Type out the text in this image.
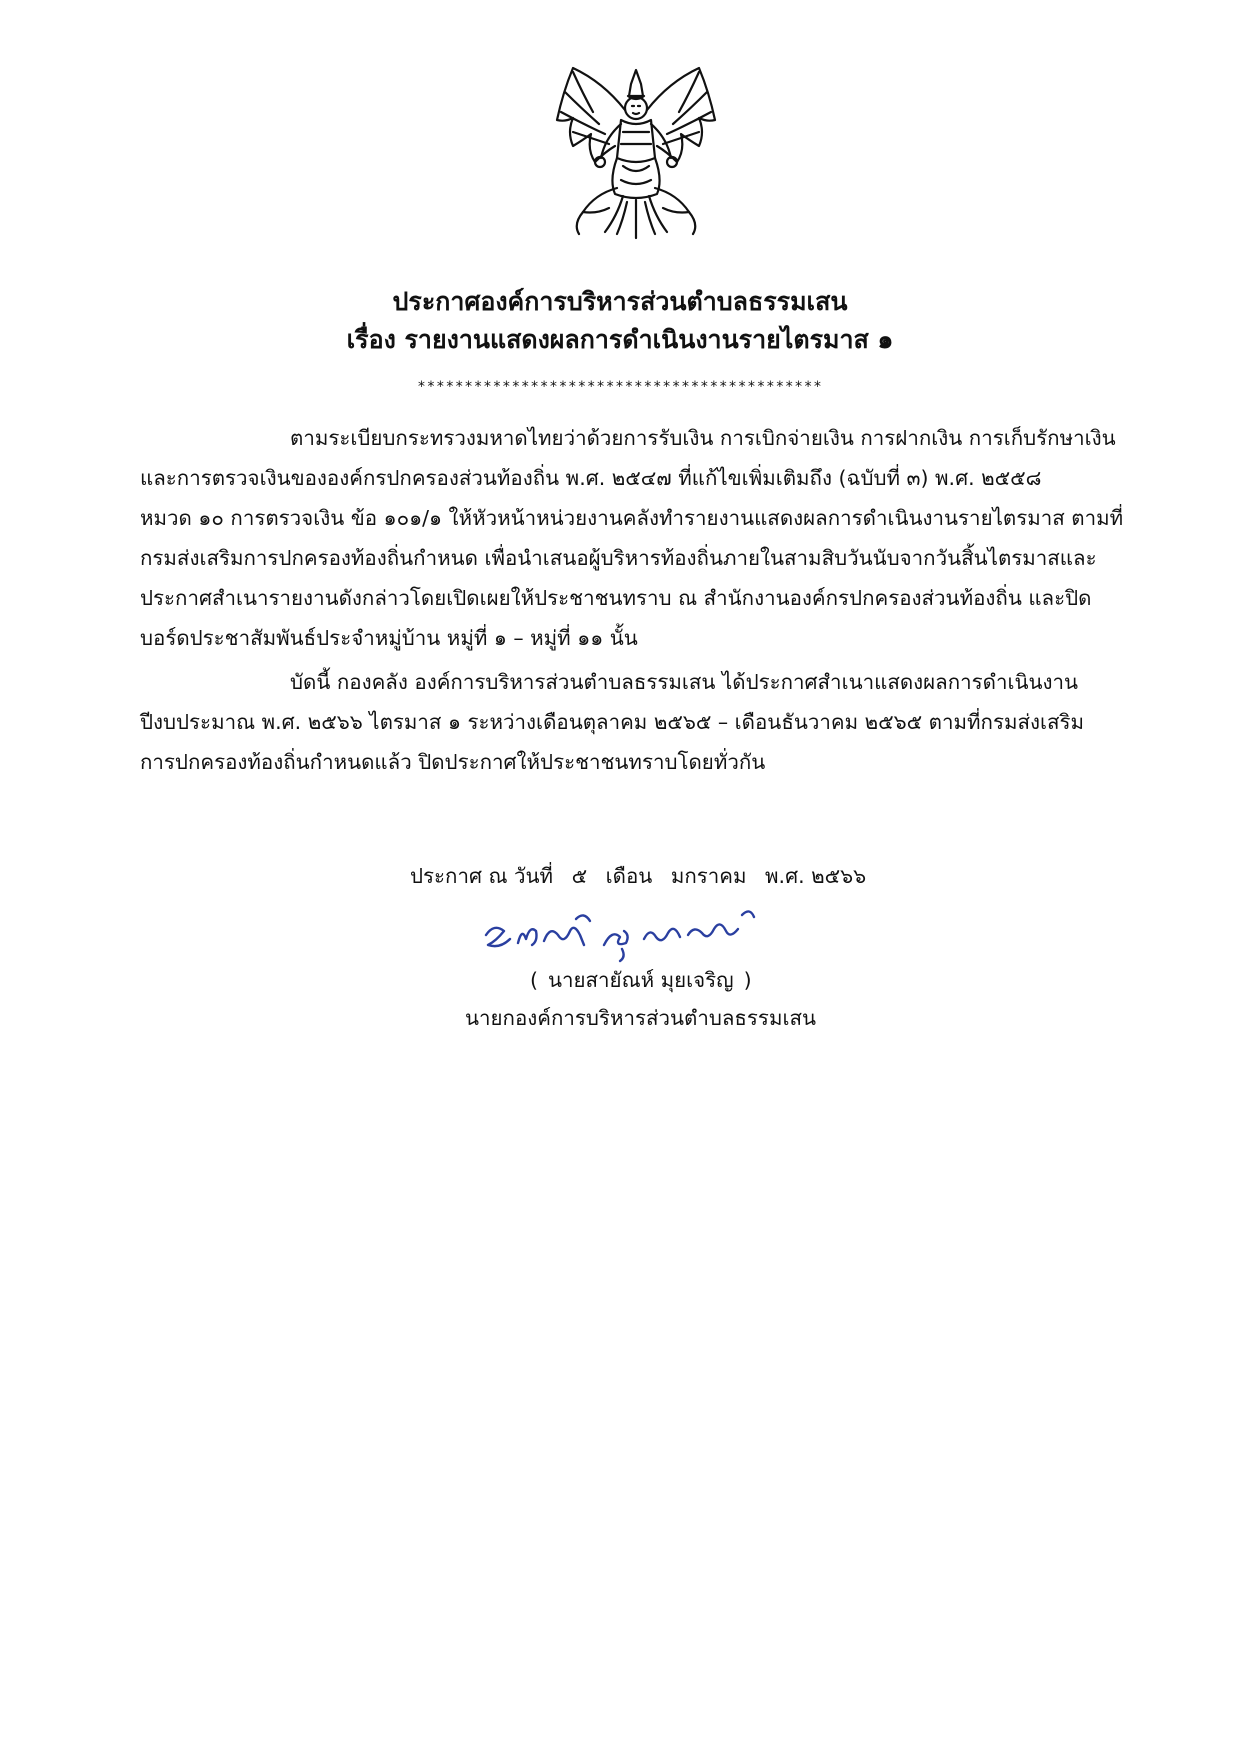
ประกาศองค์การบริหารส่วนตำบลธรรมเสน
เรื่อง รายงานแสดงผลการดำเนินงานรายไตรมาส ๑
*******************************************
ตามระเบียบกระทรวงมหาดไทยว่าด้วยการรับเงิน การเบิกจ่ายเงิน การฝากเงิน การเก็บรักษาเงิน
และการตรวจเงินขององค์กรปกครองส่วนท้องถิ่น พ.ศ. ๒๕๔๗ ที่แก้ไขเพิ่มเติมถึง (ฉบับที่ ๓) พ.ศ. ๒๕๕๘
หมวด ๑๐ การตรวจเงิน ข้อ ๑๐๑/๑ ให้หัวหน้าหน่วยงานคลังทำรายงานแสดงผลการดำเนินงานรายไตรมาส ตามที่
กรมส่งเสริมการปกครองท้องถิ่นกำหนด เพื่อนำเสนอผู้บริหารท้องถิ่นภายในสามสิบวันนับจากวันสิ้นไตรมาสและ
ประกาศสำเนารายงานดังกล่าวโดยเปิดเผยให้ประชาชนทราบ ณ สำนักงานองค์กรปกครองส่วนท้องถิ่น และปิด
บอร์ดประชาสัมพันธ์ประจำหมู่บ้าน หมู่ที่ ๑ – หมู่ที่ ๑๑ นั้น
บัดนี้ กองคลัง องค์การบริหารส่วนตำบลธรรมเสน ได้ประกาศสำเนาแสดงผลการดำเนินงาน
ปีงบประมาณ พ.ศ. ๒๕๖๖ ไตรมาส ๑ ระหว่างเดือนตุลาคม ๒๕๖๕ – เดือนธันวาคม ๒๕๖๕ ตามที่กรมส่งเสริม
การปกครองท้องถิ่นกำหนดแล้ว ปิดประกาศให้ประชาชนทราบโดยทั่วกัน
ประกาศ ณ วันที่ ๕ เดือน มกราคม พ.ศ. ๒๕๖๖
( นายสายัณห์ มุยเจริญ )
นายกองค์การบริหารส่วนตำบลธรรมเสน
